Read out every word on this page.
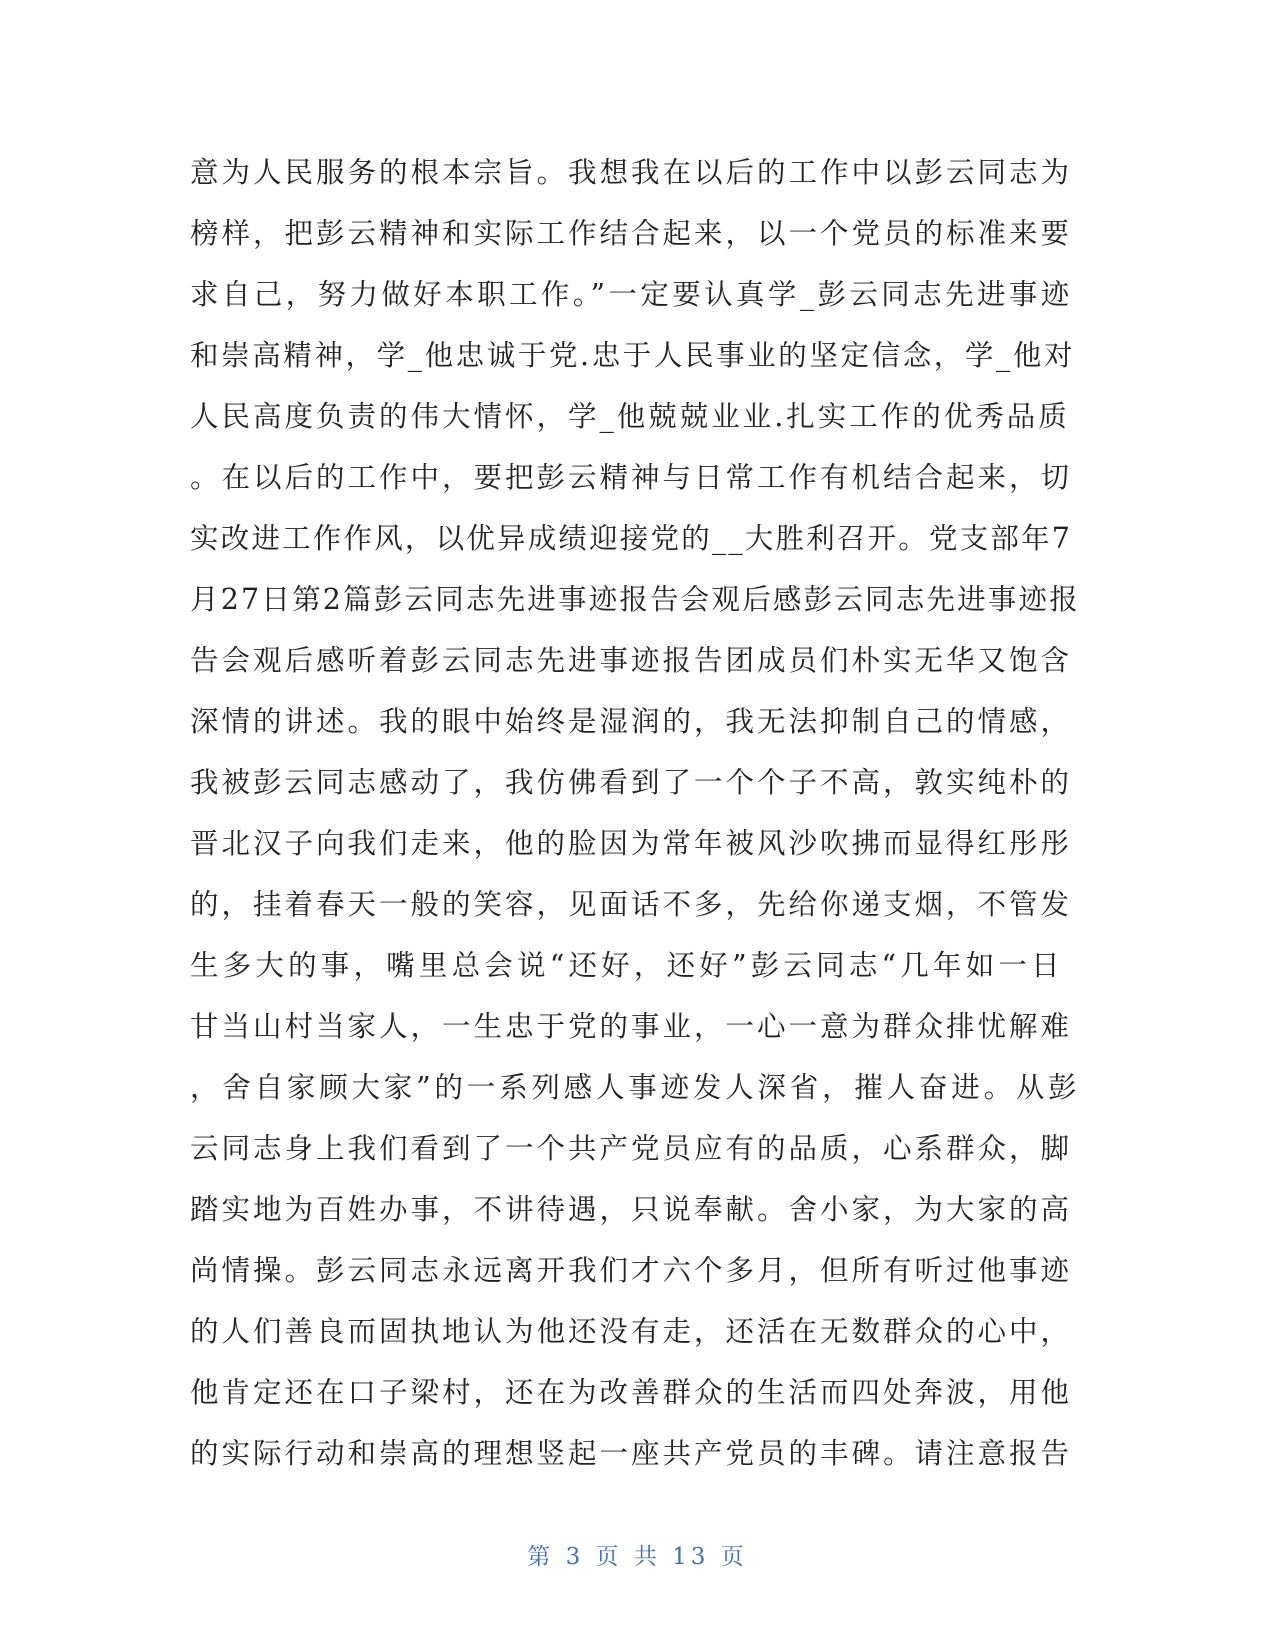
意为人民服务的根本宗旨。我想我在以后的工作中以彭云同志为
榜样，把彭云精神和实际工作结合起来，以一个党员的标准来要
求自己，努力做好本职工作。”一定要认真学_彭云同志先进事迹
和崇高精神，学_他忠诚于党.忠于人民事业的坚定信念，学_他对
人民高度负责的伟大情怀，学_他兢兢业业.扎实工作的优秀品质
。在以后的工作中，要把彭云精神与日常工作有机结合起来，切
实改进工作作风，以优异成绩迎接党的__大胜利召开。党支部年7
月27日第2篇彭云同志先进事迹报告会观后感彭云同志先进事迹报
告会观后感听着彭云同志先进事迹报告团成员们朴实无华又饱含
深情的讲述。我的眼中始终是湿润的，我无法抑制自己的情感，
我被彭云同志感动了，我仿佛看到了一个个子不高，敦实纯朴的
晋北汉子向我们走来，他的脸因为常年被风沙吹拂而显得红彤彤
的，挂着春天一般的笑容，见面话不多，先给你递支烟，不管发
生多大的事，嘴里总会说“还好，还好”彭云同志“几年如一日
甘当山村当家人，一生忠于党的事业，一心一意为群众排忧解难
，舍自家顾大家”的一系列感人事迹发人深省，摧人奋进。从彭
云同志身上我们看到了一个共产党员应有的品质，心系群众，脚
踏实地为百姓办事，不讲待遇，只说奉献。舍小家，为大家的高
尚情操。彭云同志永远离开我们才六个多月，但所有听过他事迹
的人们善良而固执地认为他还没有走，还活在无数群众的心中，
他肯定还在口子梁村，还在为改善群众的生活而四处奔波，用他
的实际行动和崇高的理想竖起一座共产党员的丰碑。请注意报告
第 3 页 共 13 页
